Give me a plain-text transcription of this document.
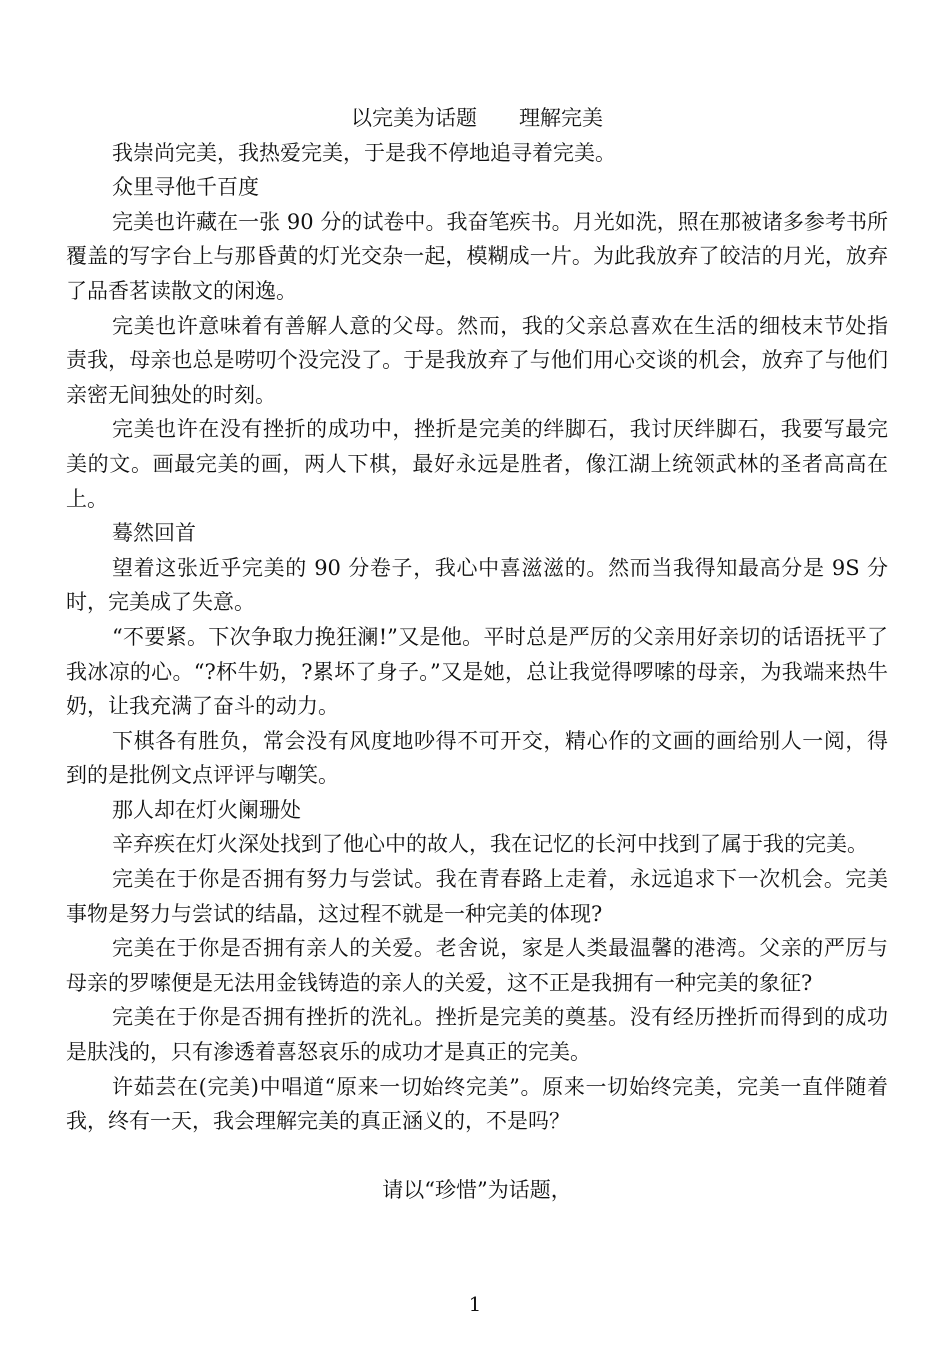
以完美为话题　　理解完美

我崇尚完美，我热爱完美，于是我不停地追寻着完美。

众里寻他千百度

完美也许藏在一张 90 分的试卷中。我奋笔疾书。月光如洗，照在那被诸多参考书所覆盖的写字台上与那昏黄的灯光交杂一起，模糊成一片。为此我放弃了皎洁的月光，放弃了品香茗读散文的闲逸。

完美也许意味着有善解人意的父母。然而，我的父亲总喜欢在生活的细枝末节处指责我，母亲也总是唠叨个没完没了。于是我放弃了与他们用心交谈的机会，放弃了与他们亲密无间独处的时刻。

完美也许在没有挫折的成功中，挫折是完美的绊脚石，我讨厌绊脚石，我要写最完美的文。画最完美的画，两人下棋，最好永远是胜者，像江湖上统领武林的圣者高高在上。

蓦然回首

望着这张近乎完美的 90 分卷子，我心中喜滋滋的。然而当我得知最高分是 9S 分时，完美成了失意。

“不要紧。下次争取力挽狂澜!”又是他。平时总是严厉的父亲用好亲切的话语抚平了我冰凉的心。“?杯牛奶，?累坏了身子。”又是她，总让我觉得啰嗦的母亲，为我端来热牛奶，让我充满了奋斗的动力。

下棋各有胜负，常会没有风度地吵得不可开交，精心作的文画的画给别人一阅，得到的是批例文点评评与嘲笑。

那人却在灯火阑珊处

辛弃疾在灯火深处找到了他心中的故人，我在记忆的长河中找到了属于我的完美。

完美在于你是否拥有努力与尝试。我在青春路上走着，永远追求下一次机会。完美事物是努力与尝试的结晶，这过程不就是一种完美的体现?

完美在于你是否拥有亲人的关爱。老舍说，家是人类最温馨的港湾。父亲的严厉与母亲的罗嗦便是无法用金钱铸造的亲人的关爱，这不正是我拥有一种完美的象征?

完美在于你是否拥有挫折的洗礼。挫折是完美的奠基。没有经历挫折而得到的成功是肤浅的，只有渗透着喜怒哀乐的成功才是真正的完美。

许茹芸在(完美)中唱道“原来一切始终完美”。原来一切始终完美，完美一直伴随着我，终有一天，我会理解完美的真正涵义的，不是吗？

请以“珍惜”为话题，

1
